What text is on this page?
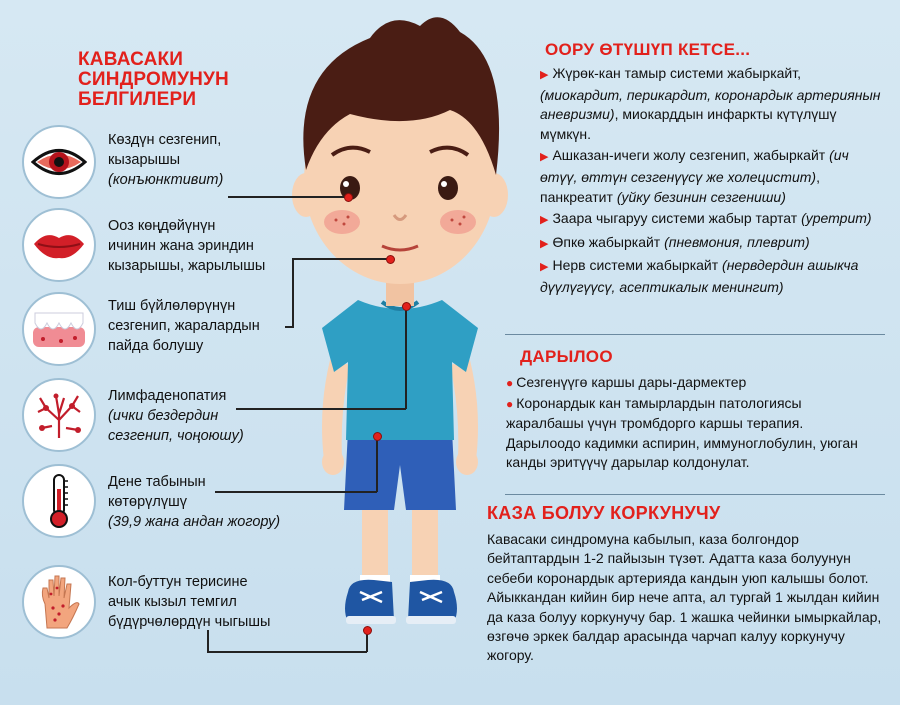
КАВАСАКИ
СИНДРОМУНУН
БЕЛГИЛЕРИ
Көздүн сезгенип,
кызарышы
(конъюнктивит)
Ооз көңдөйүнүн
ичинин жана эриндин
кызарышы, жарылышы
Тиш бүйлөлөрүнүн
сезгенип, жаралардын
пайда болушу
Лимфаденопатия
(ички бездердин
сезгенип, чоңоюшу)
Дене табынын
көтөрүлүшү
(39,9 жана андан жогору)
Кол-буттун терисине
ачык кызыл темгил
бүдүрчөлөрдүн чыгышы
ООРУ ӨТҮШҮП КЕТСЕ...
▶ Жүрөк-кан тамыр системи жабыркайт, (миокардит, перикардит, коронардык артериянын аневризми), миокарддын инфаркты күтүлүшү мүмкүн.
▶ Ашказан-ичеги жолу сезгенип, жабыркайт (ич өтүү, өттүн сезгенүүсү же холецистит), панкреатит (уйку безинин сезгениши)
▶ Заара чыгаруу системи жабыр тартат (уретрит)
▶ Өпкө жабыркайт (пневмония, плеврит)
▶ Нерв системи жабыркайт (нервдердин ашыкча дүүлүгүүсү, асептикалык менингит)
ДАРЫЛОО
● Сезгенүүгө каршы дары-дармектер
● Коронардык кан тамырлардын патологиясы жаралбашы үчүн тромбдорго каршы терапия. Дарылоодо кадимки аспирин, иммуноглобулин, уюган канды эритүүчү дарылар колдонулат.
КАЗА БОЛУУ КОРКУНУЧУ
Кавасаки синдромуна кабылып, каза болгондор бейтаптардын 1-2 пайызын түзөт. Адатта каза болуунун себеби коронардык артерияда кандын уюп калышы болот. Айыккандан кийин бир нече апта, ал тургай 1 жылдан кийин да каза болуу коркунучу бар. 1 жашка чейинки ымыркайлар, өзгөчө эркек балдар арасында чарчап калуу коркунучу жогору.
